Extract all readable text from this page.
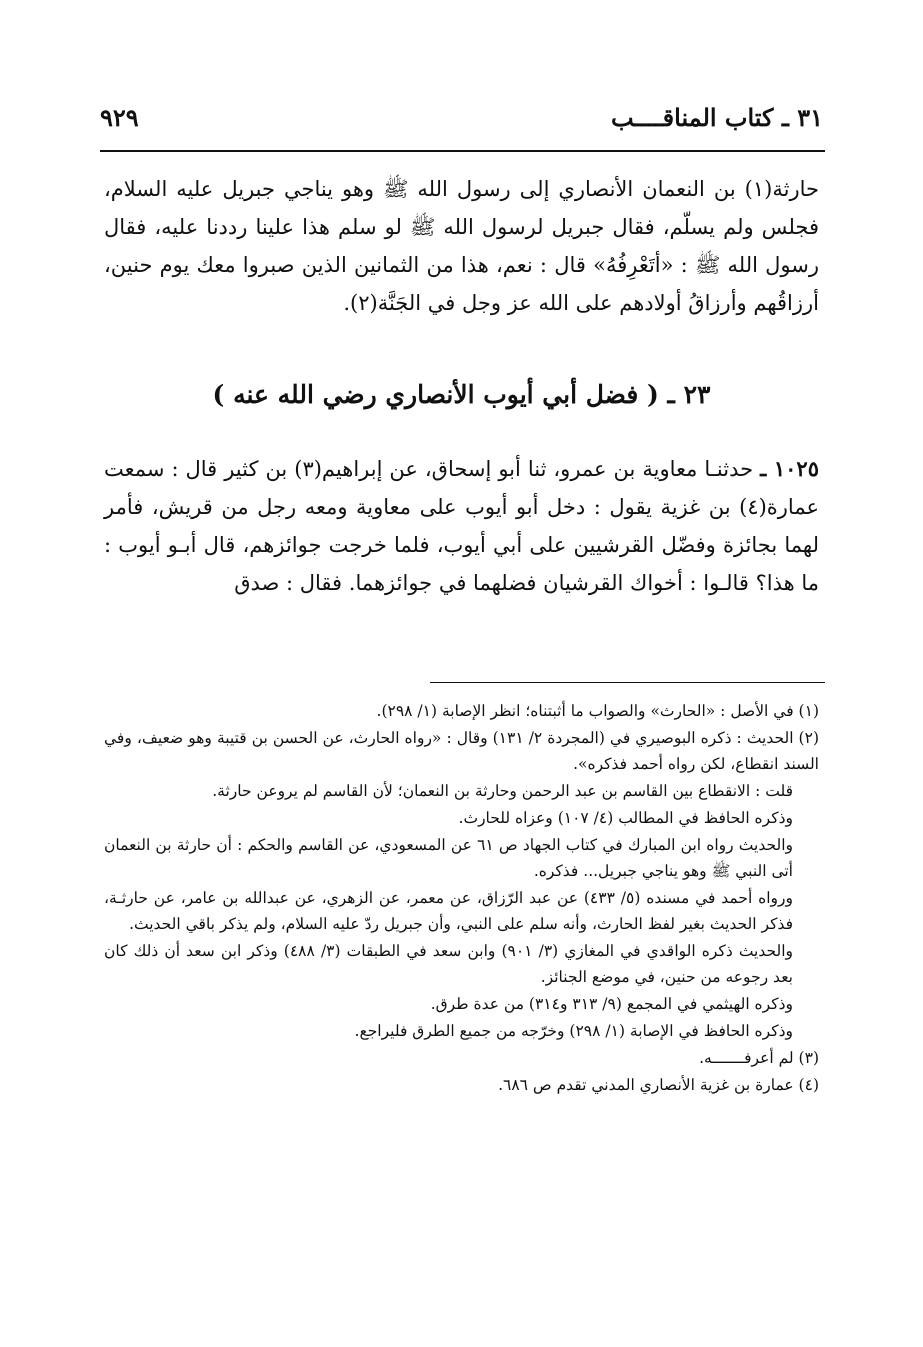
٣١ ـ كتاب المناقــــب
٩٢٩

حارثة(١) بن النعمان الأنصاري إلى رسول الله ﷺ وهو يناجي جبريل عليه السلام، فجلس ولم يسلّم، فقال جبريل لرسول الله ﷺ لو سلم هذا علينا رددنا عليه، فقال رسول الله ﷺ : «أتَعْرِفُهُ» قال : نعم، هذا من الثمانين الذين صبروا معك يوم حنين، أرزاقُهم وأرزاقُ أولادهم على الله عز وجل في الجَنَّة(٢).

٢٣ ـ ( فضل أبي أيوب الأنصاري رضي الله عنه )

١٠٢٥ ـ حدثنـا معاوية بن عمرو، ثنا أبو إسحاق، عن إبراهيم(٣) بن كثير قال : سمعت عمارة(٤) بن غزية يقول : دخل أبو أيوب على معاوية ومعه رجل من قريش، فأمر لهما بجائزة وفضّل القرشيين على أبي أيوب، فلما خرجت جوائزهم، قال أبـو أيوب : ما هذا؟ قالـوا : أخواك القرشيان فضلهما في جوائزهما. فقال : صدق

(١) في الأصل : «الحارث» والصواب ما أثبتناه؛ انظر الإصابة (١/ ٢٩٨).

(٢) الحديث : ذكره البوصيري في (المجردة ٢/ ١٣١) وقال : «رواه الحارث، عن الحسن بن قتيبة وهو ضعيف، وفي السند انقطاع، لكن رواه أحمد فذكره».

قلت : الانقطاع بين القاسم بن عبد الرحمن وحارثة بن النعمان؛ لأن القاسم لم يروعن حارثة.

وذكره الحافظ في المطالب (٤/ ١٠٧) وعزاه للحارث.

والحديث رواه ابن المبارك في كتاب الجهاد ص ٦١ عن المسعودي، عن القاسم والحكم : أن حارثة بن النعمان أتى النبي ﷺ وهو يناجي جبريل... فذكره.

ورواه أحمد في مسنده (٥/ ٤٣٣) عن عبد الرّزاق، عن معمر، عن الزهري، عن عبدالله بن عامر، عن حارثـة، فذكر الحديث بغير لفظ الحارث، وأنه سلم على النبي، وأن جبريل ردّ عليه السلام، ولم يذكر باقي الحديث.

والحديث ذكره الواقدي في المغازي (٣/ ٩٠١) وابن سعد في الطبقات (٣/ ٤٨٨) وذكر ابن سعد أن ذلك كان بعد رجوعه من حنين، في موضع الجنائز.

وذكره الهيثمي في المجمع (٩/ ٣١٣ و٣١٤) من عدة طرق.

وذكره الحافظ في الإصابة (١/ ٢٩٨) وخرّجه من جميع الطرق فليراجع.

(٣) لم أعرفـــــــه.

(٤) عمارة بن غزية الأنصاري المدني تقدم ص ٦٨٦.
